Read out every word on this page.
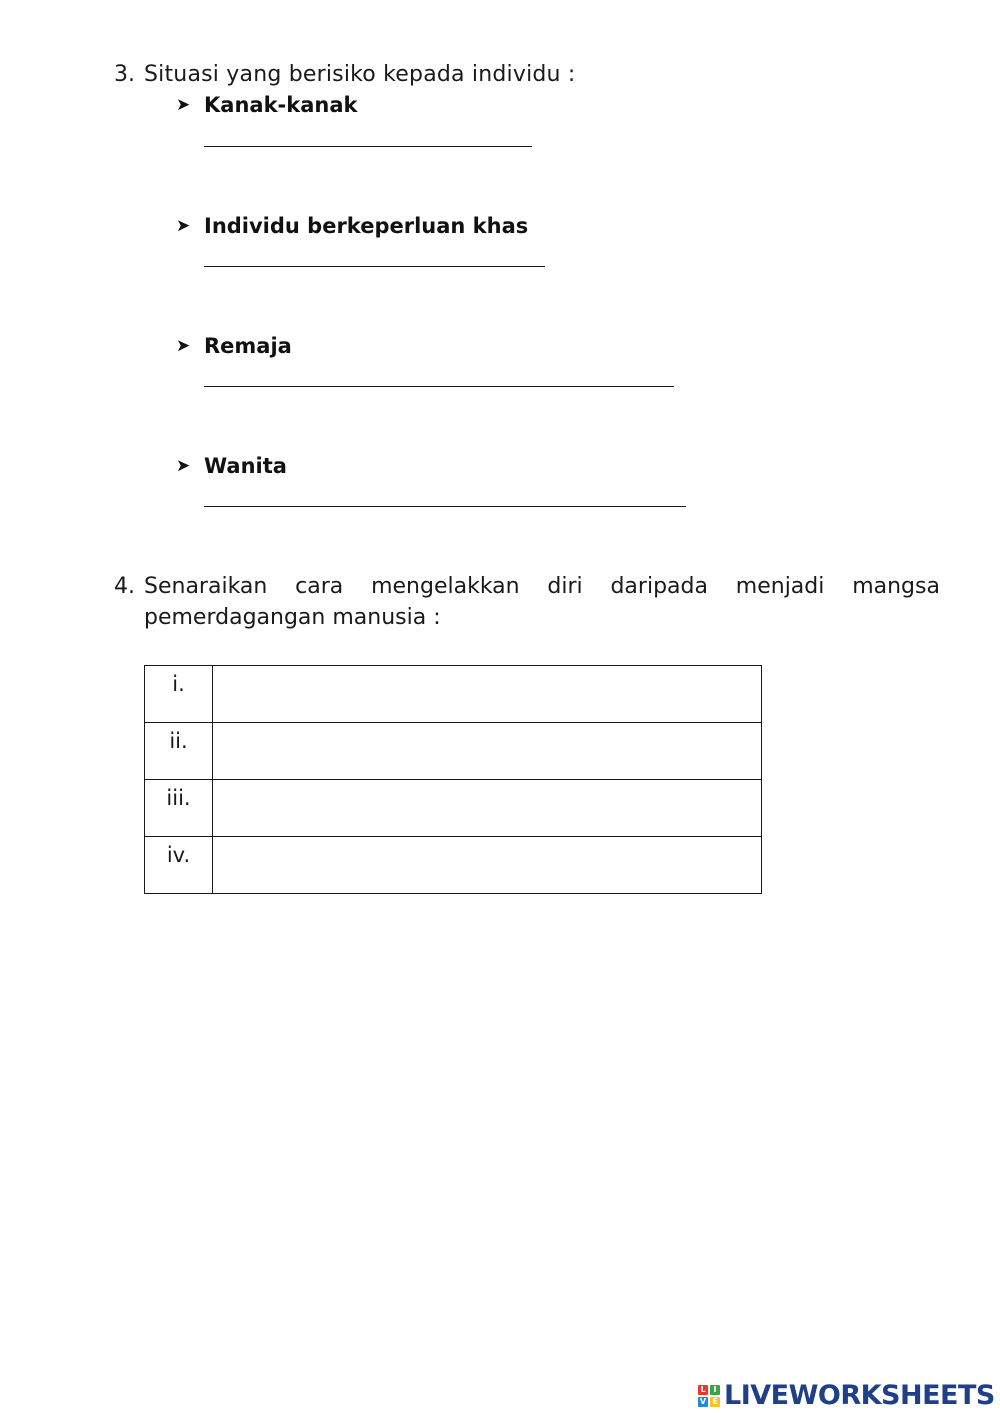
3. Situasi yang berisiko kepada individu :
➤ Kanak-kanak
➤ Individu berkeperluan khas
➤ Remaja
➤ Wanita
4. Senaraikan cara mengelakkan diri daripada menjadi mangsa
pemerdagangan manusia :
i.	
ii.	
iii.	
iv.	
L I
V E LIVEWORKSHEETS
